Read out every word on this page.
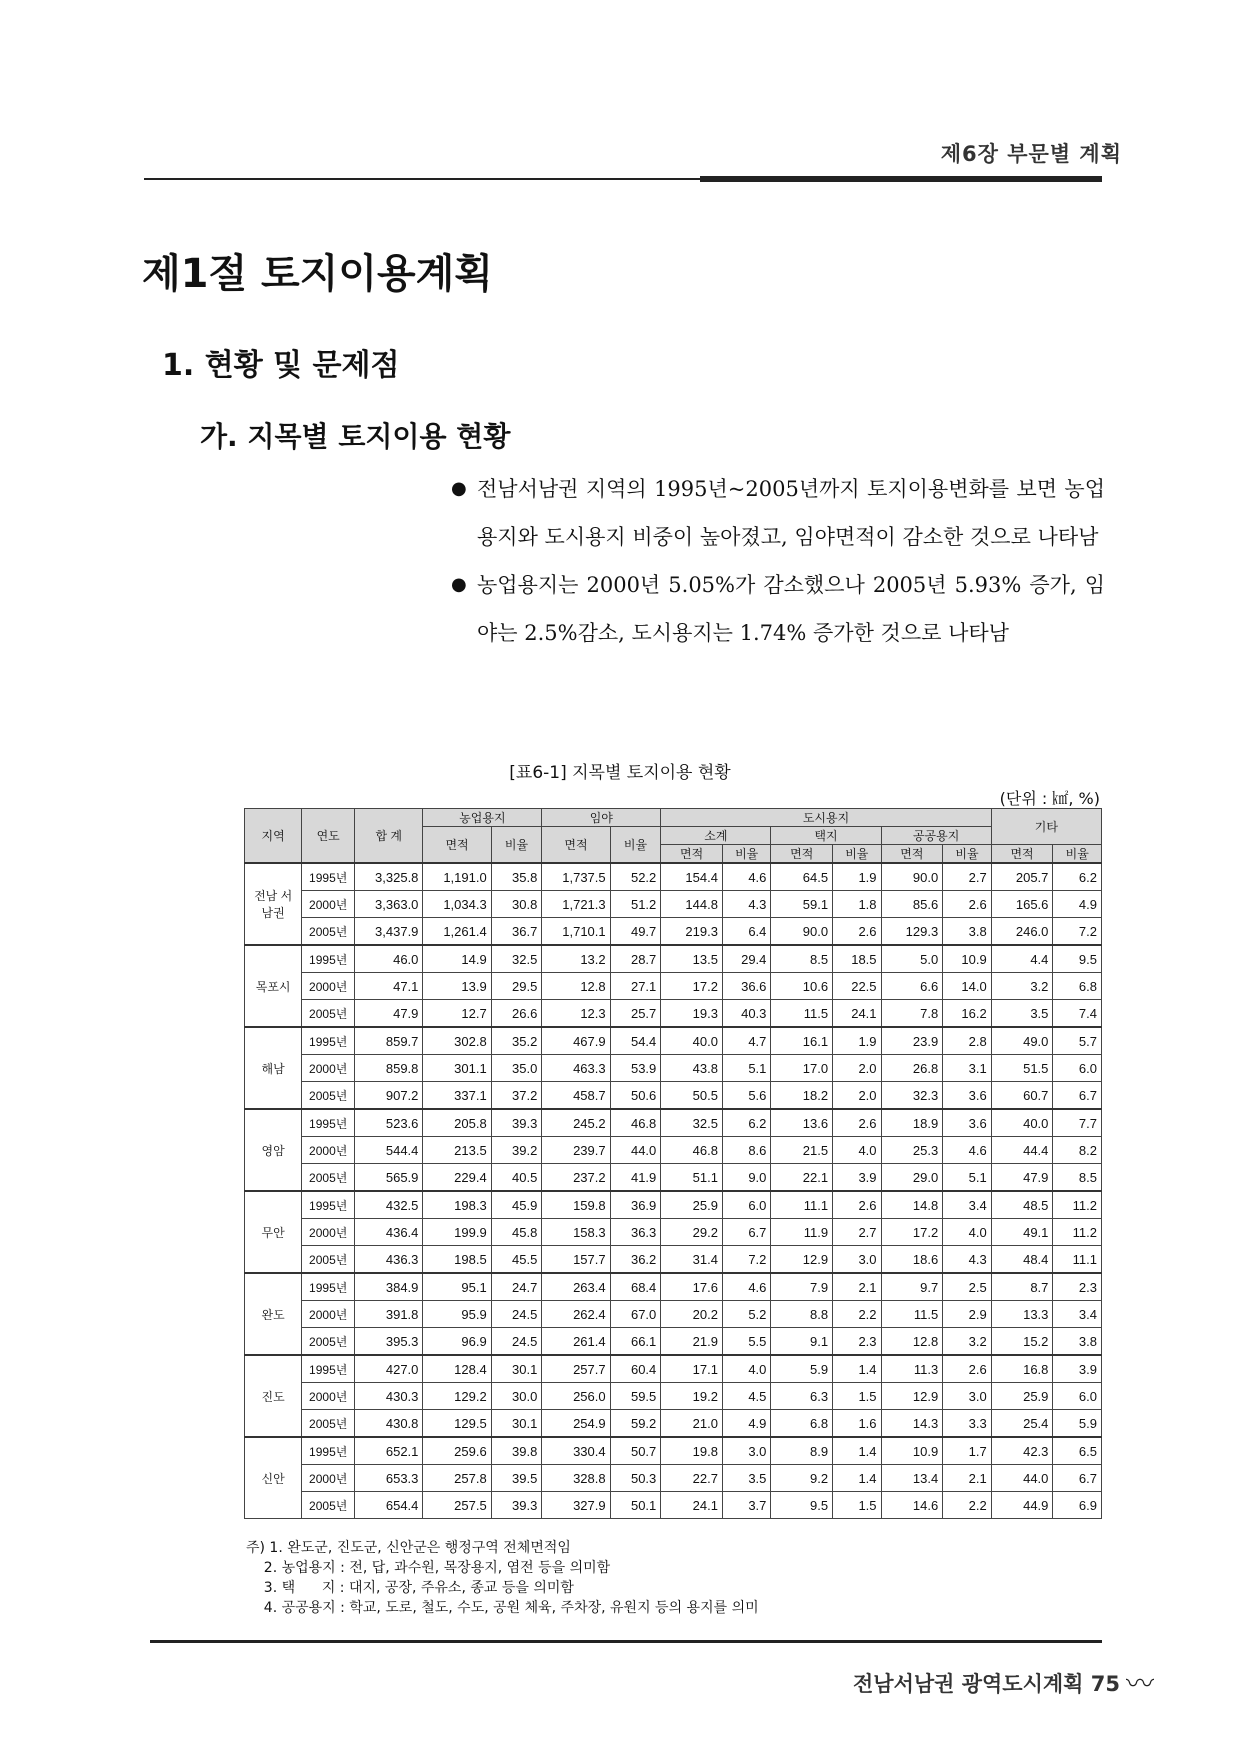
제6장 부문별 계획
제1절 토지이용계획
1. 현황 및 문제점
가. 지목별 토지이용 현황
● 전남서남권 지역의 1995년~2005년까지 토지이용변화를 보면 농업용지와 도시용지 비중이 높아졌고, 임야면적이 감소한 것으로 나타남
● 농업용지는 2000년 5.05%가 감소했으나 2005년 5.93% 증가, 임야는 2.5%감소, 도시용지는 1.74% 증가한 것으로 나타남
[표6-1] 지목별 토지이용 현황
(단위 : ㎢, %)
지역	연도	합 계	농업용지		임야		도시용지						기타	
			면적	비율	면적	비율	소계		택지		공공용지			
							면적	비율	면적	비율	면적	비율	면적	비율
전남 서남권	1995년	3,325.8	1,191.0	35.8	1,737.5	52.2	154.4	4.6	64.5	1.9	90.0	2.7	205.7	6.2
	2000년	3,363.0	1,034.3	30.8	1,721.3	51.2	144.8	4.3	59.1	1.8	85.6	2.6	165.6	4.9
	2005년	3,437.9	1,261.4	36.7	1,710.1	49.7	219.3	6.4	90.0	2.6	129.3	3.8	246.0	7.2
목포시	1995년	46.0	14.9	32.5	13.2	28.7	13.5	29.4	8.5	18.5	5.0	10.9	4.4	9.5
	2000년	47.1	13.9	29.5	12.8	27.1	17.2	36.6	10.6	22.5	6.6	14.0	3.2	6.8
	2005년	47.9	12.7	26.6	12.3	25.7	19.3	40.3	11.5	24.1	7.8	16.2	3.5	7.4
해남	1995년	859.7	302.8	35.2	467.9	54.4	40.0	4.7	16.1	1.9	23.9	2.8	49.0	5.7
	2000년	859.8	301.1	35.0	463.3	53.9	43.8	5.1	17.0	2.0	26.8	3.1	51.5	6.0
	2005년	907.2	337.1	37.2	458.7	50.6	50.5	5.6	18.2	2.0	32.3	3.6	60.7	6.7
영암	1995년	523.6	205.8	39.3	245.2	46.8	32.5	6.2	13.6	2.6	18.9	3.6	40.0	7.7
	2000년	544.4	213.5	39.2	239.7	44.0	46.8	8.6	21.5	4.0	25.3	4.6	44.4	8.2
	2005년	565.9	229.4	40.5	237.2	41.9	51.1	9.0	22.1	3.9	29.0	5.1	47.9	8.5
무안	1995년	432.5	198.3	45.9	159.8	36.9	25.9	6.0	11.1	2.6	14.8	3.4	48.5	11.2
	2000년	436.4	199.9	45.8	158.3	36.3	29.2	6.7	11.9	2.7	17.2	4.0	49.1	11.2
	2005년	436.3	198.5	45.5	157.7	36.2	31.4	7.2	12.9	3.0	18.6	4.3	48.4	11.1
완도	1995년	384.9	95.1	24.7	263.4	68.4	17.6	4.6	7.9	2.1	9.7	2.5	8.7	2.3
	2000년	391.8	95.9	24.5	262.4	67.0	20.2	5.2	8.8	2.2	11.5	2.9	13.3	3.4
	2005년	395.3	96.9	24.5	261.4	66.1	21.9	5.5	9.1	2.3	12.8	3.2	15.2	3.8
진도	1995년	427.0	128.4	30.1	257.7	60.4	17.1	4.0	5.9	1.4	11.3	2.6	16.8	3.9
	2000년	430.3	129.2	30.0	256.0	59.5	19.2	4.5	6.3	1.5	12.9	3.0	25.9	6.0
	2005년	430.8	129.5	30.1	254.9	59.2	21.0	4.9	6.8	1.6	14.3	3.3	25.4	5.9
신안	1995년	652.1	259.6	39.8	330.4	50.7	19.8	3.0	8.9	1.4	10.9	1.7	42.3	6.5
	2000년	653.3	257.8	39.5	328.8	50.3	22.7	3.5	9.2	1.4	13.4	2.1	44.0	6.7
	2005년	654.4	257.5	39.3	327.9	50.1	24.1	3.7	9.5	1.5	14.6	2.2	44.9	6.9
주) 1. 완도군, 진도군, 신안군은 행정구역 전체면적임
2. 농업용지 : 전, 답, 과수원, 목장용지, 염전 등을 의미함
3. 택      지 : 대지, 공장, 주유소, 종교 등을 의미함
4. 공공용지 : 학교, 도로, 철도, 수도, 공원 체육, 주차장, 유원지 등의 용지를 의미
전남서남권 광역도시계획 75 〰
